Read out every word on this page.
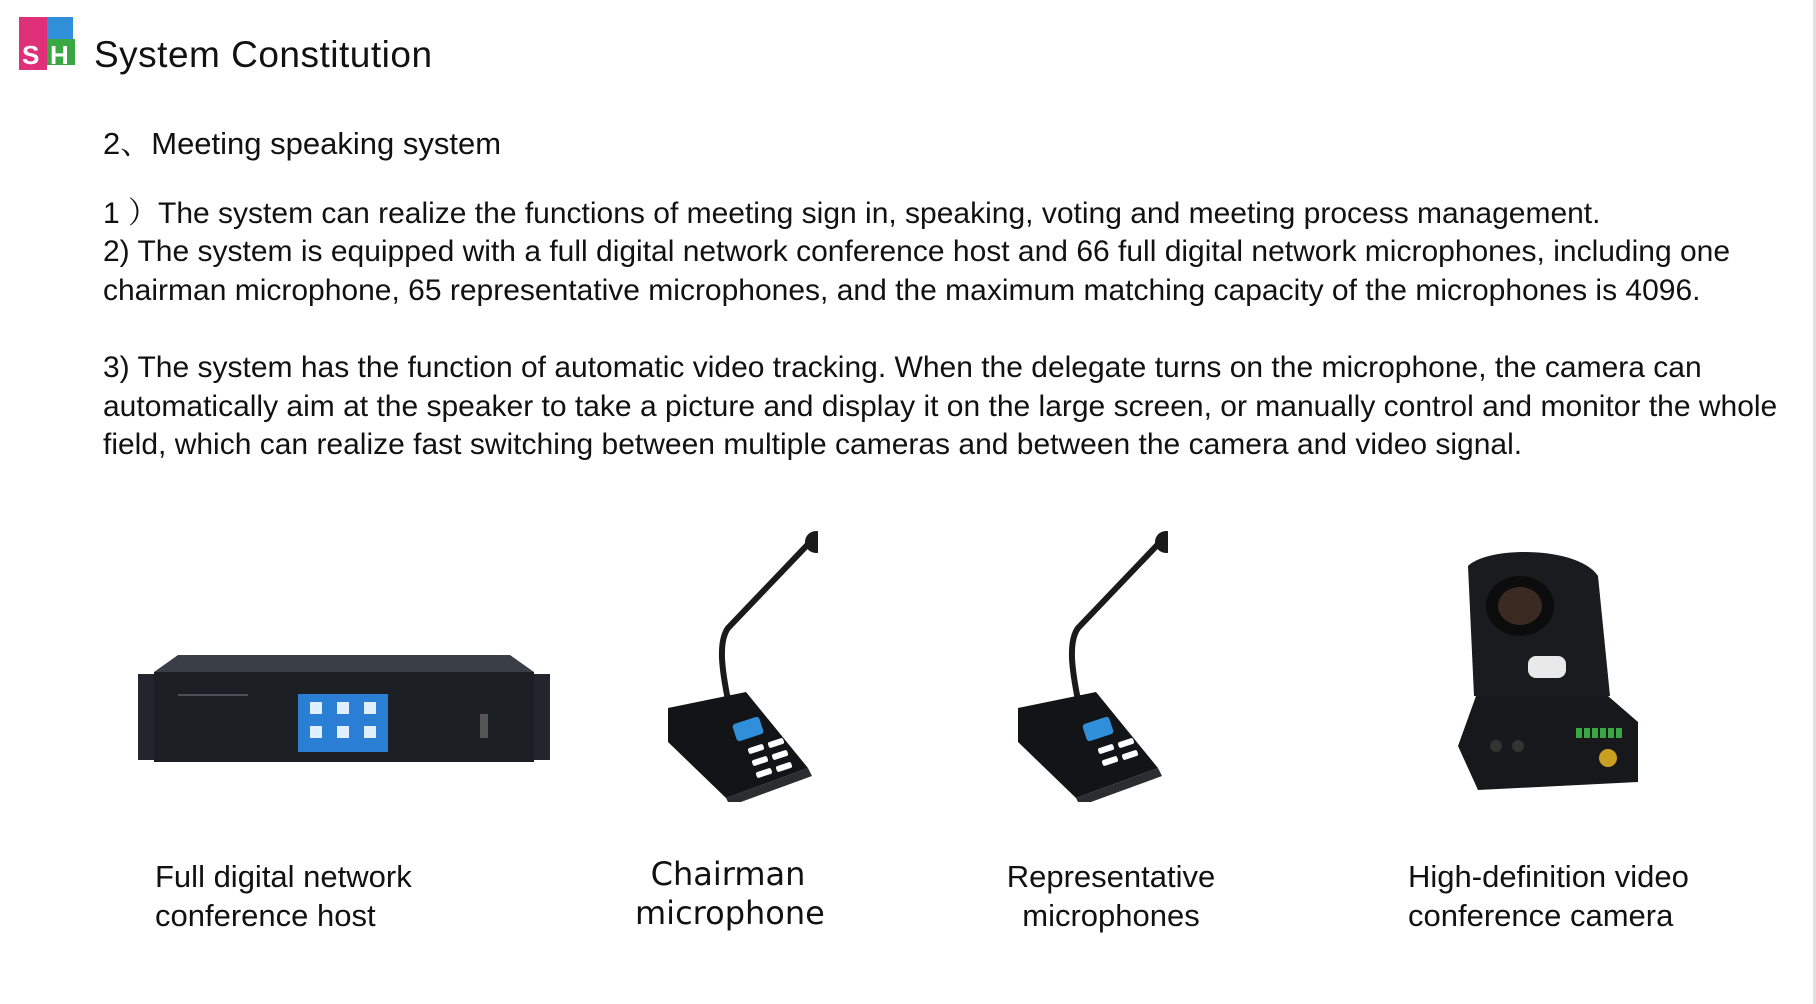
S H System Constitution
2、Meeting speaking system

1 ）The system can realize the functions of meeting sign in, speaking, voting and meeting process management.

2) The system is equipped with a full digital network conference host and 66 full digital network microphones, including one chairman microphone, 65 representative microphones, and the maximum matching capacity of the microphones is 4096.

3) The system has the function of automatic video tracking. When the delegate turns on the microphone, the camera can automatically aim at the speaker to take a picture and display it on the large screen, or manually control and monitor the whole field, which can realize fast switching between multiple cameras and between the camera and video signal.

Full digital network
conference host
Chairman
microphone
Representative
microphones
High-definition video
conference camera
